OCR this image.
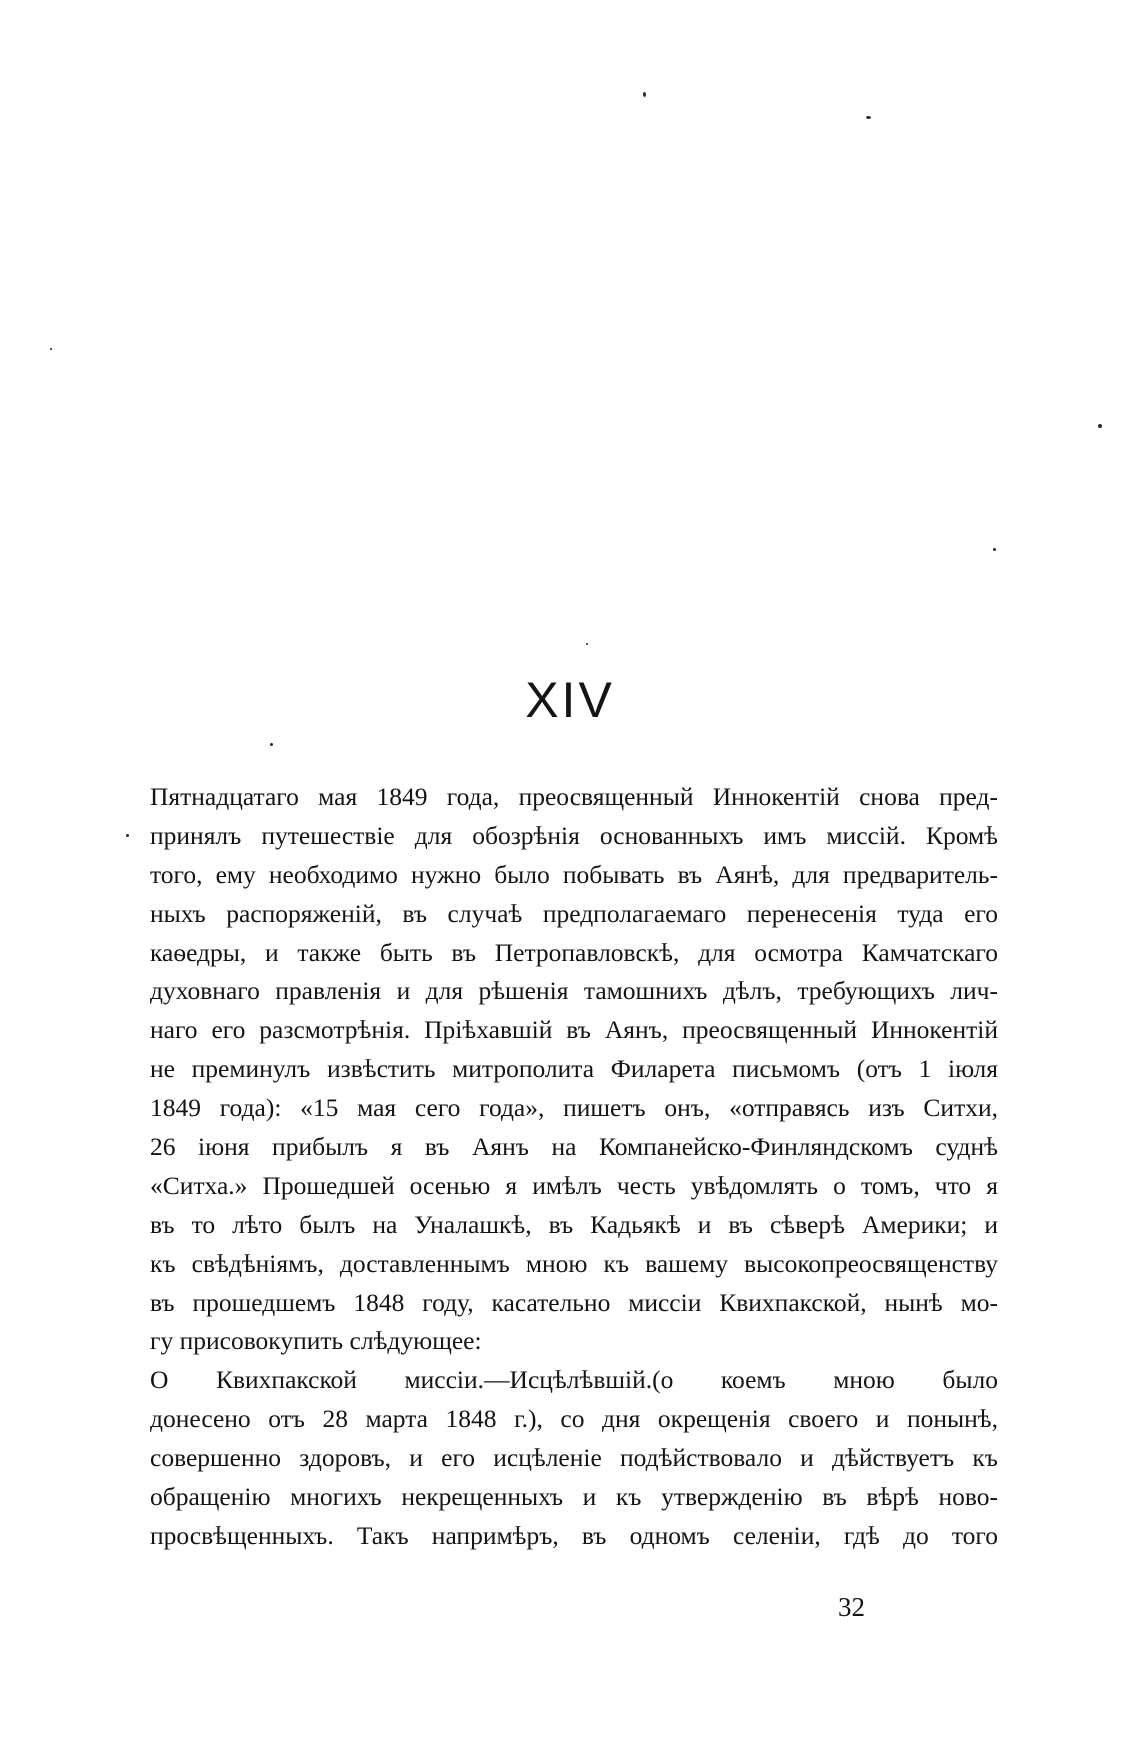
XIV
Пятнадцатаго мая 1849 года, преосвященный Иннокентій снова пред-
принялъ путешествіе для обозрѣнія основанныхъ имъ миссій. Кромѣ
того, ему необходимо нужно было побывать въ Аянѣ, для предваритель-
ныхъ распоряженій, въ случаѣ предполагаемаго перенесенія туда его
каѳедры, и также быть въ Петропавловскѣ, для осмотра Камчатскаго
духовнаго правленія и для рѣшенія тамошнихъ дѣлъ, требующихъ лич-
наго его разсмотрѣнія. Пріѣхавшій въ Аянъ, преосвященный Иннокентій
не преминулъ извѣстить митрополита Филарета письмомъ (отъ 1 іюля
1849 года): «15 мая сего года», пишетъ онъ, «отправясь изъ Ситхи,
26 іюня прибылъ я въ Аянъ на Компанейско-Финляндскомъ суднѣ
«Ситха.» Прошедшей осенью я имѣлъ честь увѣдомлять о томъ, что я
въ то лѣто былъ на Уналашкѣ, въ Кадьякѣ и въ сѣверѣ Америки; и
къ свѣдѣніямъ, доставленнымъ мною къ вашему высокопреосвященству
въ прошедшемъ 1848 году, касательно миссіи Квихпакской, нынѣ мо-
гу присовокупить слѣдующее:
О Квихпакской миссіи.—Исцѣлѣвшій.(о коемъ мною было
донесено отъ 28 марта 1848 г.), со дня окрещенія своего и понынѣ,
совершенно здоровъ, и его исцѣленіе подѣйствовало и дѣйствуетъ къ
обращенію многихъ некрещенныхъ и къ утвержденію въ вѣрѣ ново-
просвѣщенныхъ. Такъ напримѣръ, въ одномъ селеніи, гдѣ до того
32
